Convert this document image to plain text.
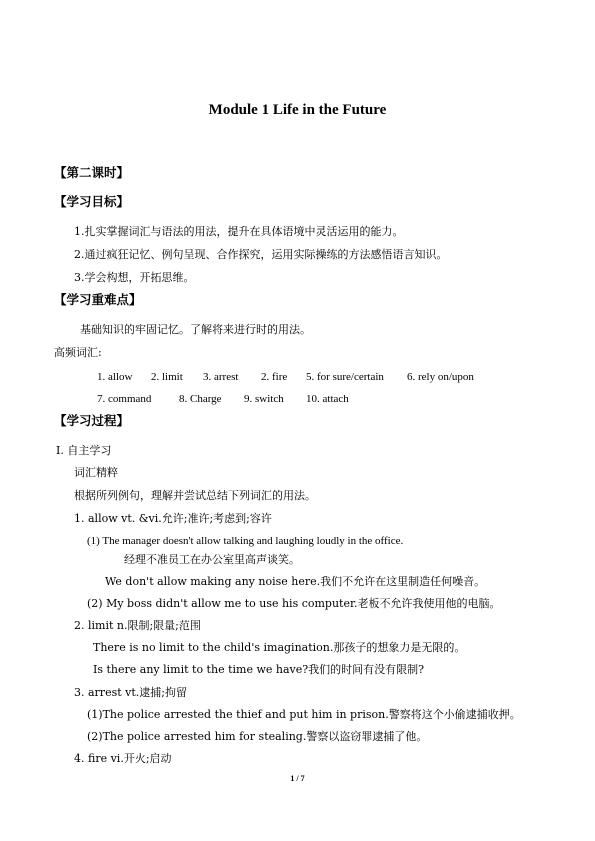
Module 1 Life in the Future
【第二课时】
【学习目标】
1.扎实掌握词汇与语法的用法，提升在具体语境中灵活运用的能力。
2.通过疯狂记忆、例句呈现、合作探究，运用实际操练的方法感悟语言知识。
3.学会构想，开拓思维。
【学习重难点】
基础知识的牢固记忆。了解将来进行时的用法。
高频词汇:
1. allow	2. limit	3. arrest	2. fire	5. for sure/certain	6. rely on/upon
7. command	8. Charge	9. switch	10. attach
【学习过程】
I. 自主学习
词汇精粹
根据所列例句，理解并尝试总结下列词汇的用法。
1. allow vt. &vi.允许;准许;考虑到;容许
(1) The manager doesn't allow talking and laughing loudly in the office.
经理不准员工在办公室里高声谈笑。
We don't allow making any noise here.我们不允许在这里制造任何噪音。
(2) My boss didn't allow me to use his computer.老板不允许我使用他的电脑。
2. limit n.限制;限量;范围
There is no limit to the child's imagination.那孩子的想象力是无限的。
Is there any limit to the time we have?我们的时间有没有限制?
3. arrest vt.逮捕;拘留
(1)The police arrested the thief and put him in prison.警察将这个小偷逮捕收押。
(2)The police arrested him for stealing.警察以盗窃罪逮捕了他。
4. fire vi.开火;启动
1 / 7
